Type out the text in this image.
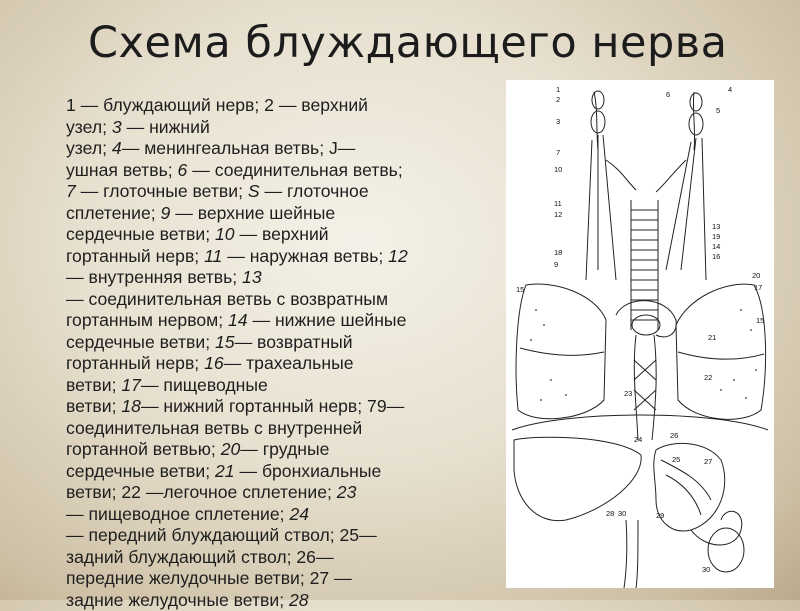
Схема блуждающего нерва
1 — блуждающий нерв; 2 — верхний
узел; 3 — нижний
узел; 4— менингеальная ветвь; J—
ушная ветвь; 6 — соединительная ветвь;
7 — глоточные ветви; S — глоточное
сплетение; 9 — верхние шейные
сердечные ветви; 10 — верхний
гортанный нерв; 11 — наружная ветвь; 12
— внутренняя ветвь; 13
— соединительная ветвь с возвратным
гортанным нервом; 14 — нижние шейные
сердечные ветви; 15— возвратный
гортанный нерв; 16— трахеальные
ветви; 17— пищеводные
ветви; 18— нижний гортанный нерв; 79—
соединительная ветвь с внутренней
гортанной ветвью; 20— грудные
сердечные ветви; 21 — бронхиальные
ветви; 22 —легочное сплетение; 23
— пищеводное сплетение; 24
— передний блуждающий ствол; 25—
задний блуждающий ствол; 26—
передние желудочные ветви; 27 —
задние желудочные ветви; 28
1
2
3
7
10
11
12
18
9
15
6
4
5
13
19
14
16
20
17
15
21
22
23
24	26
27
25
28 30	29
30
